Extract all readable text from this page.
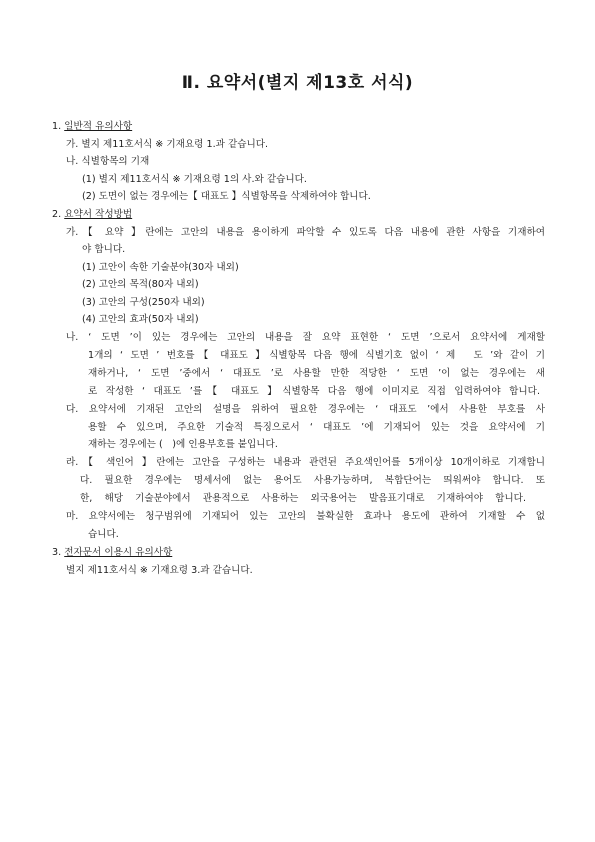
Ⅱ. 요약서(별지 제13호 서식)
1. 일반적 유의사항
가. 별지 제11호서식 ※ 기재요령 1.과 같습니다.
나. 식별항목의 기재
(1) 별지 제11호서식 ※ 기재요령 1의 사.와 같습니다.
(2) 도면이 없는 경우에는【 대표도 】식별항목을 삭제하여야 합니다.
2. 요약서 작성방법
가.【 요약 】란에는 고안의 내용을 용이하게 파악할 수 있도록 다음 내용에 관한 사항을 기재하여
야 합니다.
(1) 고안이 속한 기술분야(30자 내외)
(2) 고안의 목적(80자 내외)
(3) 고안의 구성(250자 내외)
(4) 고안의 효과(50자 내외)
나. ‘ 도면 ’이 있는 경우에는 고안의 내용을 잘 요약 표현한 ‘ 도면 ’으로서 요약서에 게재할
1개의 ‘ 도면 ’ 번호를【 대표도 】식별항목 다음 행에 식별기호 없이 ‘ 제　도 ’와 같이 기
재하거나, ‘ 도면 ’중에서 ‘ 대표도 ’로 사용할 만한 적당한 ‘ 도면 ’이 없는 경우에는 새
로 작성한 ‘ 대표도 ’를【 대표도 】식별항목 다음 행에 이미지로 직접 입력하여야 합니다.
다. 요약서에 기재된 고안의 설명을 위하여 필요한 경우에는 ‘ 대표도 ’에서 사용한 부호를 사
용할 수 있으며, 주요한 기술적 특징으로서 ‘ 대표도 ’에 기재되어 있는 것을 요약서에 기
재하는 경우에는 (　)에 인용부호를 붙입니다.
라.【 색인어 】란에는 고안을 구성하는 내용과 관련된 주요색인어를 5개이상 10개이하로 기재합니
다. 필요한 경우에는 명세서에 없는 용어도 사용가능하며, 복합단어는 띄워써야 합니다. 또
한, 해당 기술분야에서 관용적으로 사용하는 외국용어는 발음표기대로 기재하여야 합니다.
마. 요약서에는 청구범위에 기재되어 있는 고안의 불확실한 효과나 용도에 관하여 기재할 수 없
습니다.
3. 전자문서 이용시 유의사항
별지 제11호서식 ※ 기재요령 3.과 같습니다.
